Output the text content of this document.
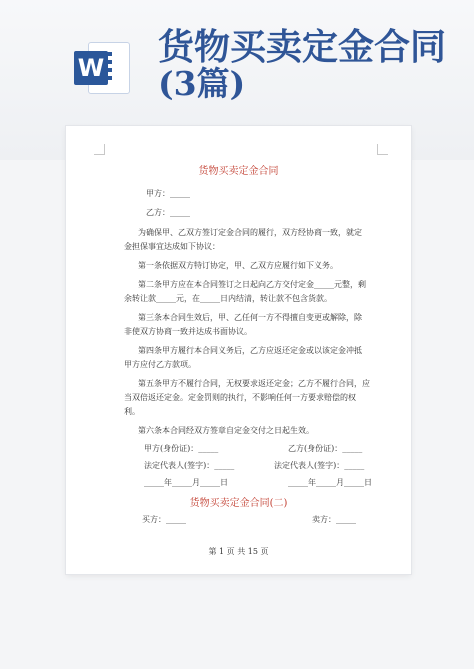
W 货物买卖定金合同
(3篇)
货物买卖定金合同
甲方：_____
乙方：_____
为确保甲、乙双方签订定金合同的履行，双方经协商一致，就定
金担保事宜达成如下协议：
第一条依据双方特订协定，甲、乙双方应履行如下义务。
第二条甲方应在本合同签订之日起向乙方交付定金_____元整，剩
余转让款_____元，在_____日内结清，转让款不包含货款。
第三条本合同生效后，甲、乙任何一方不得擅自变更或解除，除
非使双方协商一致并达成书面协议。
第四条甲方履行本合同义务后，乙方应返还定金或以该定金冲抵
甲方应付乙方款项。
第五条甲方不履行合同，无权要求返还定金；乙方不履行合同，应
当双倍返还定金。定金罚则的执行，不影响任何一方要求赔偿的权
利。
第六条本合同经双方签章自定金交付之日起生效。
甲方(身份证)：_____	乙方(身份证)：_____
法定代表人(签字)：_____	法定代表人(签字)：_____
_____年_____月_____日	_____年_____月_____日
货物买卖定金合同(二)
买方：_____	卖方：_____
第 1 页 共 15 页
